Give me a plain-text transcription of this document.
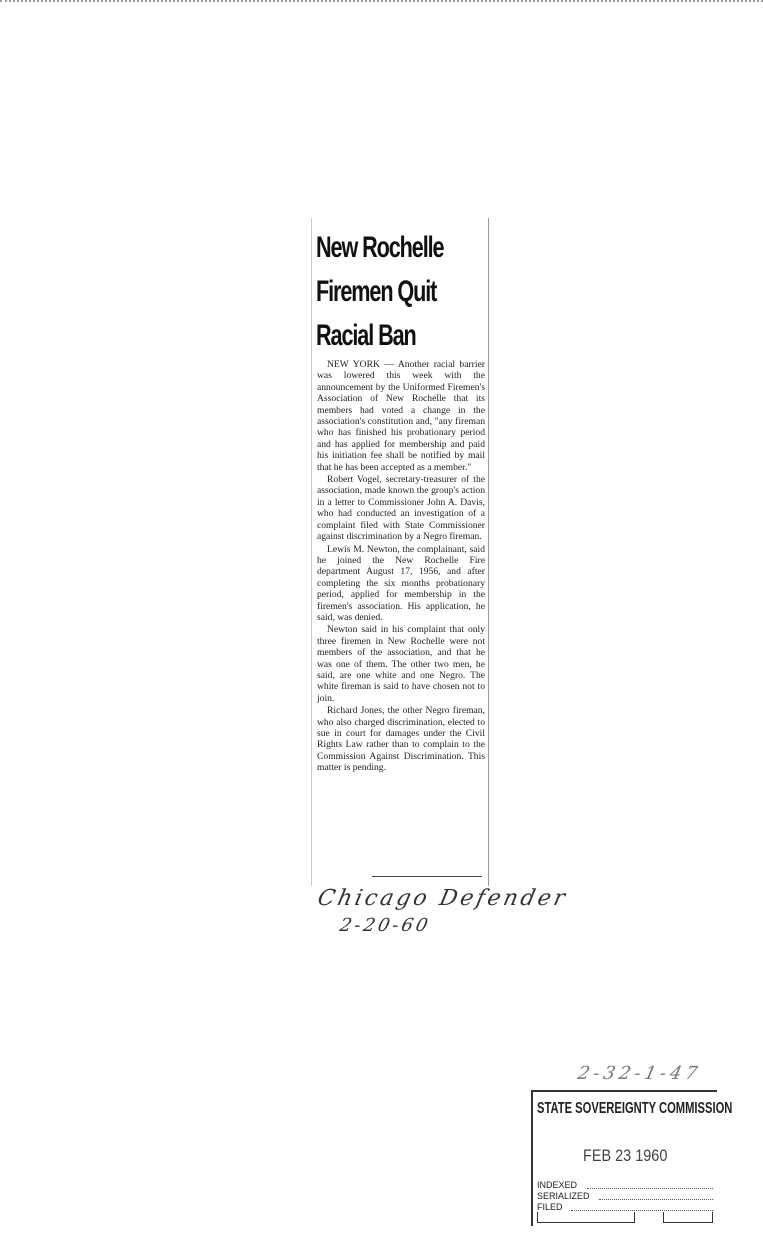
New Rochelle
Firemen Quit
Racial Ban

NEW YORK — Another racial barrier was lowered this week with the announcement by the Uniformed Firemen's Association of New Rochelle that its members had voted a change in the association's constitution and, "any fireman who has finished his probationary period and has applied for membership and paid his initiation fee shall be notified by mail that he has been accepted as a member."

Robert Vogel, secretary-treasurer of the association, made known the group's action in a letter to Commissioner John A. Davis, who had conducted an investigation of a complaint filed with State Commissioner against discrimination by a Negro fireman.

Lewis M. Newton, the complainant, said he joined the New Rochelle Fire department August 17, 1956, and after completing the six months probationary period, applied for membership in the firemen's association. His application, he said, was denied.

Newton said in his complaint that only three firemen in New Rochelle were not members of the association, and that he was one of them. The other two men, he said, are one white and one Negro. The white fireman is said to have chosen not to join.

Richard Jones, the other Negro fireman, who also charged discrimination, elected to sue in court for damages under the Civil Rights Law rather than to complain to the Commission Against Discrimination. This matter is pending.

Chicago Defender
2-20-60
2-32-1-47
STATE SOVEREIGNTY COMMISSION
FEB 23 1960
INDEXED
SERIALIZED
FILED
